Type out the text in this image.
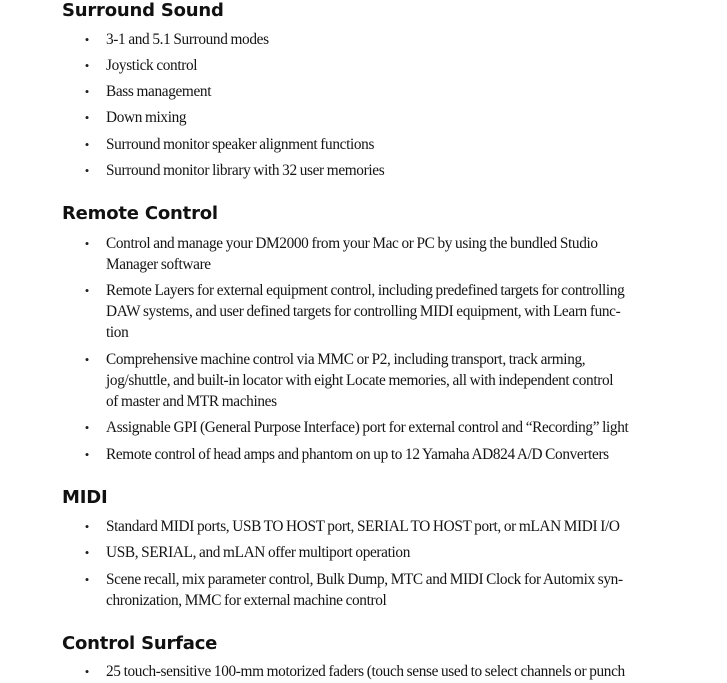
Surround Sound
• 3-1 and 5.1 Surround modes
• Joystick control
• Bass management
• Down mixing
• Surround monitor speaker alignment functions
• Surround monitor library with 32 user memories
Remote Control
• Control and manage your DM2000 from your Mac or PC by using the bundled Studio
Manager software
• Remote Layers for external equipment control, including predefined targets for controlling
DAW systems, and user defined targets for controlling MIDI equipment, with Learn func-
tion
• Comprehensive machine control via MMC or P2, including transport, track arming,
jog/shuttle, and built-in locator with eight Locate memories, all with independent control
of master and MTR machines
• Assignable GPI (General Purpose Interface) port for external control and “Recording” light
• Remote control of head amps and phantom on up to 12 Yamaha AD824 A/D Converters
MIDI
• Standard MIDI ports, USB TO HOST port, SERIAL TO HOST port, or mLAN MIDI I/O
• USB, SERIAL, and mLAN offer multiport operation
• Scene recall, mix parameter control, Bulk Dump, MTC and MIDI Clock for Automix syn-
chronization, MMC for external machine control
Control Surface
• 25 touch-sensitive 100-mm motorized faders (touch sense used to select channels or punch
